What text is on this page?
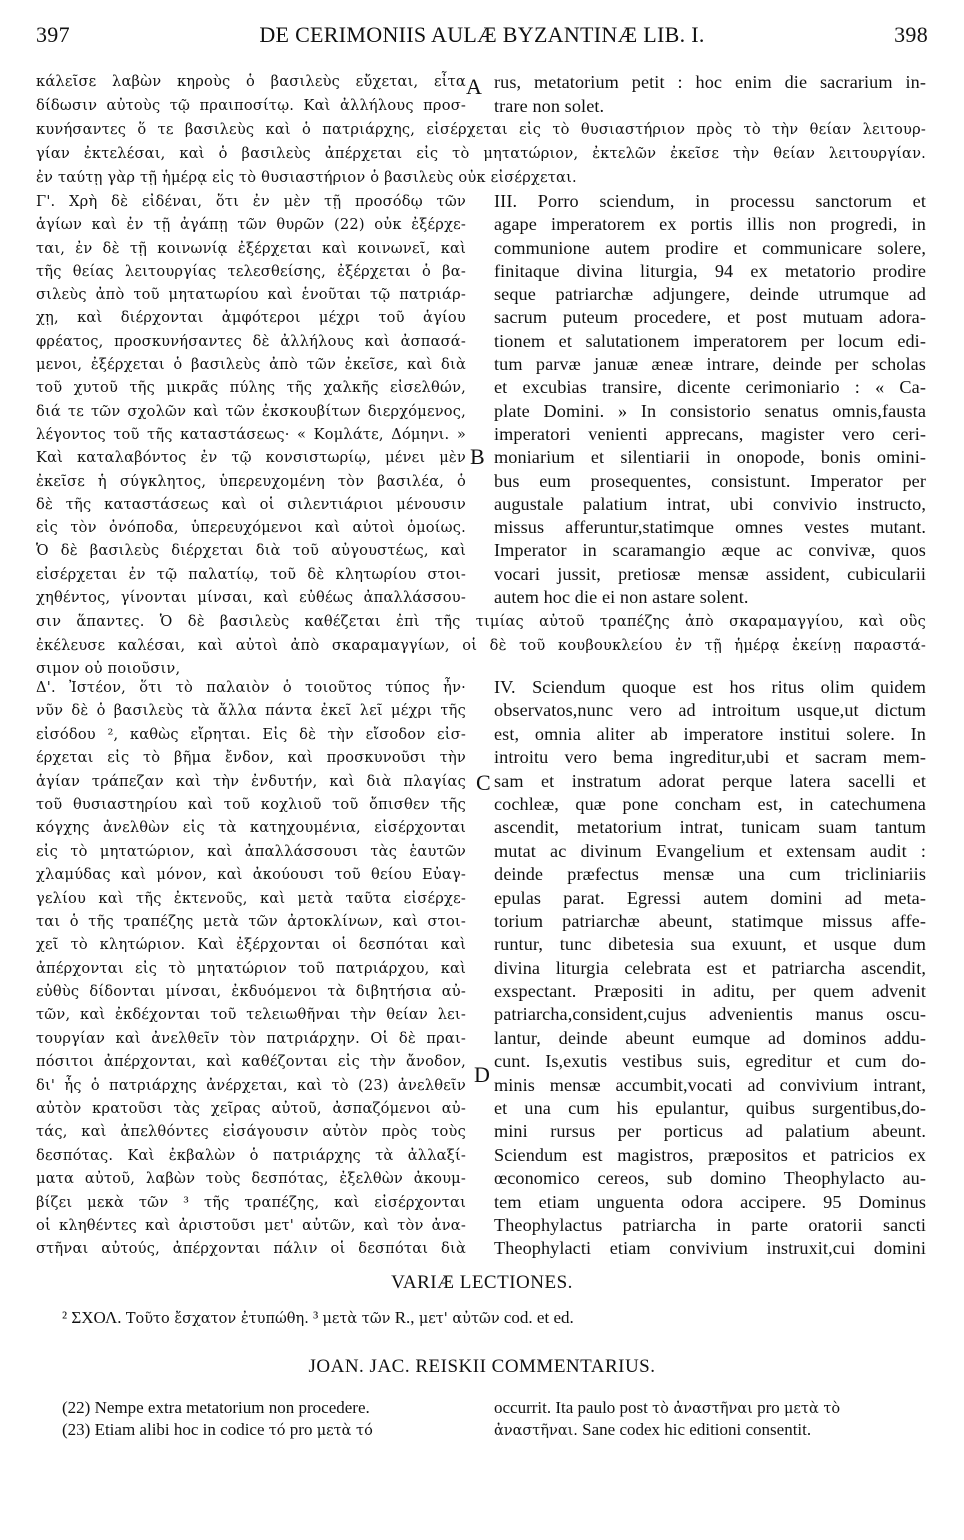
397	DE CERIMONIIS AULÆ BYZANTINÆ LIB. I.	398
A
B
C
D
κάλεῖσε λαβὼν κηροὺς ὁ βασιλεὺς εὔχεται, εἶτα
δίδωσιν αὐτοὺς τῷ πραιποσίτῳ. Καὶ ἀλλήλους προσ-
rus, metatorium petit : hoc enim die sacrarium in-
trare non solet.
κυνήσαντες ὅ τε βασιλεὺς καὶ ὁ πατριάρχης, εἰσέρχεται εἰς τὸ θυσιαστήριον πρὸς τὸ τὴν θείαν λειτουρ-
γίαν ἐκτελέσαι, καὶ ὁ βασιλεὺς ἀπέρχεται εἰς τὸ μητατώριον, ἐκτελῶν ἐκεῖσε τὴν θείαν λειτουργίαν.
ἐν ταύτῃ γὰρ τῇ ἡμέρᾳ εἰς τὸ θυσιαστήριον ὁ βασιλεὺς οὐκ εἰσέρχεται.
Γ'. Χρὴ δὲ εἰδέναι, ὅτι ἐν μὲν τῇ προσόδῳ τῶν
ἁγίων καὶ ἐν τῇ ἀγάπῃ τῶν θυρῶν (22) οὐκ ἐξέρχε-
ται, ἐν δὲ τῇ κοινωνίᾳ ἐξέρχεται καὶ κοινωνεῖ, καὶ
τῆς θείας λειτουργίας τελεσθείσης, ἐξέρχεται ὁ βα-
σιλεὺς ἀπὸ τοῦ μητατωρίου καὶ ἑνοῦται τῷ πατριάρ-
χῃ, καὶ διέρχονται ἀμφότεροι μέχρι τοῦ ἁγίου
φρέατος, προσκυνήσαντες δὲ ἀλλήλους καὶ ἀσπασά-
μενοι, ἐξέρχεται ὁ βασιλεὺς ἀπὸ τῶν ἐκεῖσε, καὶ διὰ
τοῦ χυτοῦ τῆς μικρᾶς πύλης τῆς χαλκῆς εἰσελθών,
διά τε τῶν σχολῶν καὶ τῶν ἐκσκουβίτων διερχόμενος,
λέγοντος τοῦ τῆς καταστάσεως· « Κομλάτε, Δόμηνι. »
Καὶ καταλαβόντος ἐν τῷ κονσιστωρίῳ, μένει μὲν
ἐκεῖσε ἡ σύγκλητος, ὑπερευχομένη τὸν βασιλέα, ὁ
δὲ τῆς καταστάσεως καὶ οἱ σιλεντιάριοι μένουσιν
εἰς τὸν ὀνόποδα, ὑπερευχόμενοι καὶ αὐτοὶ ὁμοίως.
Ὁ δὲ βασιλεὺς διέρχεται διὰ τοῦ αὐγουστέως, καὶ
εἰσέρχεται ἐν τῷ παλατίῳ, τοῦ δὲ κλητωρίου στοι-
χηθέντος, γίνονται μίνσαι, καὶ εὐθέως ἀπαλλάσσου-
III. Porro sciendum, in processu sanctorum et
agape imperatorem ex portis illis non progredi, in
communione autem prodire et communicare solere,
finitaque divina liturgia, 94 ex metatorio prodire
seque patriarchæ adjungere, deinde utrumque ad
sacrum puteum procedere, et post mutuam adora-
tionem et salutationem imperatorem per locum edi-
tum parvæ januæ æneæ intrare, deinde per scholas
et excubias transire, dicente cerimoniario : « Ca-
plate Domini. » In consistorio senatus omnis,fausta
imperatori venienti apprecans, magister vero ceri-
moniarium et silentiarii in onopode, bonis omini-
bus eum prosequentes, consistunt. Imperator per
augustale palatium intrat, ubi convivio instructo,
missus afferuntur,statimque omnes vestes mutant.
Imperator in scaramangio æque ac convivæ, quos
vocari jussit, pretiosæ mensæ assident, cubicularii
autem hoc die ei non astare solent.
σιν ἅπαντες. Ὁ δὲ βασιλεὺς καθέζεται ἐπὶ τῆς τιμίας αὐτοῦ τραπέζης ἀπὸ σκαραμαγγίου, καὶ οὓς
ἐκέλευσε καλέσαι, καὶ αὐτοὶ ἀπὸ σκαραμαγγίων, οἱ δὲ τοῦ κουβουκλείου ἐν τῇ ἡμέρᾳ ἐκείνῃ παραστά-
σιμον οὐ ποιοῦσιν,
Δ'. Ἰστέον, ὅτι τὸ παλαιὸν ὁ τοιοῦτος τύπος ἦν·
νῦν δὲ ὁ βασιλεὺς τὰ ἄλλα πάντα ἐκεῖ λεῖ μέχρι τῆς
εἰσόδου ², καθὼς εἴρηται. Εἰς δὲ τὴν εἴσοδον εἰσ-
έρχεται εἰς τὸ βῆμα ἔνδον, καὶ προσκυνοῦσι τὴν
ἁγίαν τράπεζαν καὶ τὴν ἐνδυτήν, καὶ διὰ πλαγίας
τοῦ θυσιαστηρίου καὶ τοῦ κοχλιοῦ τοῦ ὄπισθεν τῆς
κόγχης ἀνελθὼν εἰς τὰ κατηχουμένια, εἰσέρχονται
εἰς τὸ μητατώριον, καὶ ἀπαλλάσσουσι τὰς ἑαυτῶν
χλαμύδας καὶ μόνον, καὶ ἀκούουσι τοῦ θείου Εὐαγ-
γελίου καὶ τῆς ἐκτενοῦς, καὶ μετὰ ταῦτα εἰσέρχε-
ται ὁ τῆς τραπέζης μετὰ τῶν ἀρτοκλίνων, καὶ στοι-
χεῖ τὸ κλητώριον. Καὶ ἐξέρχονται οἱ δεσπόται καὶ
ἀπέρχονται εἰς τὸ μητατώριον τοῦ πατριάρχου, καὶ
εὐθὺς δίδονται μίνσαι, ἐκδυόμενοι τὰ διβητήσια αὐ-
τῶν, καὶ ἐκδέχονται τοῦ τελειωθῆναι τὴν θείαν λει-
τουργίαν καὶ ἀνελθεῖν τὸν πατριάρχην. Οἱ δὲ πραι-
πόσιτοι ἀπέρχονται, καὶ καθέζονται εἰς τὴν ἄνοδον,
δι' ἧς ὁ πατριάρχης ἀνέρχεται, καὶ τὸ (23) ἀνελθεῖν
αὐτὸν κρατοῦσι τὰς χεῖρας αὐτοῦ, ἀσπαζόμενοι αὐ-
τάς, καὶ ἀπελθόντες εἰσάγουσιν αὐτὸν πρὸς τοὺς
δεσπότας. Καὶ ἐκβαλὼν ὁ πατριάρχης τὰ ἀλλαξί-
ματα αὐτοῦ, λαβὼν τοὺς δεσπότας, ἐξελθὼν ἀκουμ-
βίζει μεκὰ τῶν ³ τῆς τραπέζης, καὶ εἰσέρχονται
οἱ κληθέντες καὶ ἀριστοῦσι μετ' αὐτῶν, καὶ τὸν ἀνα-
στῆναι αὐτούς, ἀπέρχονται πάλιν οἱ δεσπόται διὰ
IV. Sciendum quoque est hos ritus olim quidem
observatos,nunc vero ad introitum usque,ut dictum
est, omnia aliter ab imperatore institui solere. In
introitu vero bema ingreditur,ubi et sacram mem-
sam et instratum adorat perque latera sacelli et
cochleæ, quæ pone concham est, in catechumena
ascendit, metatorium intrat, tunicam suam tantum
mutat ac divinum Evangelium et extensam audit :
deinde præfectus mensæ una cum tricliniariis
epulas parat. Egressi autem domini ad meta-
torium patriarchæ abeunt, statimque missus affe-
runtur, tunc dibetesia sua exuunt, et usque dum
divina liturgia celebrata est et patriarcha ascendit,
exspectant. Præpositi in aditu, per quem advenit
patriarcha,consident,cujus advenientis manus oscu-
lantur, deinde abeunt eumque ad dominos addu-
cunt. Is,exutis vestibus suis, egreditur et cum do-
minis mensæ accumbit,vocati ad convivium intrant,
et una cum his epulantur, quibus surgentibus,do-
mini rursus per porticus ad palatium abeunt.
Sciendum est magistros, præpositos et patricios ex
œconomico cereos, sub domino Theophylacto au-
tem etiam unguenta odora accipere. 95 Dominus
Theophylactus patriarcha in parte oratorii sancti
Theophylacti etiam convivium instruxit,cui domini
VARIÆ LECTIONES.
² ΣΧΟΛ. Τοῦτο ἔσχατον ἐτυπώθη. ³ μετὰ τῶν R., μετ' αὐτῶν cod. et ed.
JOAN. JAC. REISKII COMMENTARIUS.
(22) Nempe extra metatorium non procedere.
(23) Etiam alibi hoc in codice τό pro μετὰ τό
occurrit. Ita paulo post τὸ ἀναστῆναι pro μετὰ τὸ
ἀναστῆναι. Sane codex hic editioni consentit.
